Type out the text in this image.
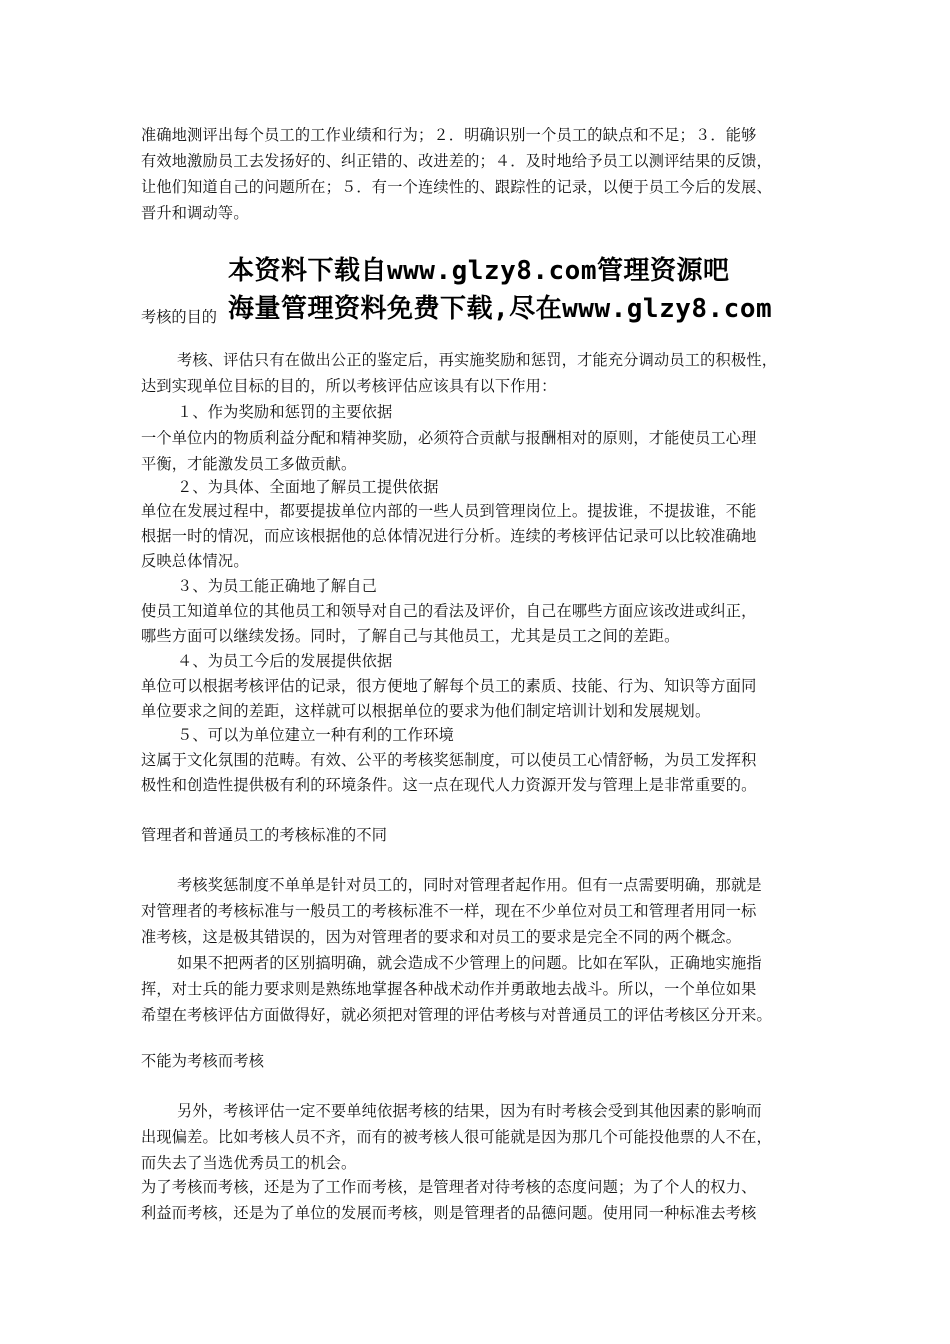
准确地测评出每个员工的工作业绩和行为；２．明确识别一个员工的缺点和不足；３．能够
有效地激励员工去发扬好的、纠正错的、改进差的；４．及时地给予员工以测评结果的反馈，
让他们知道自己的问题所在；５．有一个连续性的、跟踪性的记录，以便于员工今后的发展、
晋升和调动等。
本资料下载自www.glzy8.com管理资源吧
海量管理资料免费下载,尽在www.glzy8.com
考核的目的
考核、评估只有在做出公正的鉴定后，再实施奖励和惩罚，才能充分调动员工的积极性，
达到实现单位目标的目的，所以考核评估应该具有以下作用：
１、作为奖励和惩罚的主要依据
一个单位内的物质利益分配和精神奖励，必须符合贡献与报酬相对的原则，才能使员工心理
平衡，才能激发员工多做贡献。
２、为具体、全面地了解员工提供依据
单位在发展过程中，都要提拔单位内部的一些人员到管理岗位上。提拔谁，不提拔谁，不能
根据一时的情况，而应该根据他的总体情况进行分析。连续的考核评估记录可以比较准确地
反映总体情况。
３、为员工能正确地了解自己
使员工知道单位的其他员工和领导对自己的看法及评价，自己在哪些方面应该改进或纠正，
哪些方面可以继续发扬。同时，了解自己与其他员工，尤其是员工之间的差距。
４、为员工今后的发展提供依据
单位可以根据考核评估的记录，很方便地了解每个员工的素质、技能、行为、知识等方面同
单位要求之间的差距，这样就可以根据单位的要求为他们制定培训计划和发展规划。
５、可以为单位建立一种有利的工作环境
这属于文化氛围的范畴。有效、公平的考核奖惩制度，可以使员工心情舒畅，为员工发挥积
极性和创造性提供极有利的环境条件。这一点在现代人力资源开发与管理上是非常重要的。
管理者和普通员工的考核标准的不同
考核奖惩制度不单单是针对员工的，同时对管理者起作用。但有一点需要明确，那就是
对管理者的考核标准与一般员工的考核标准不一样，现在不少单位对员工和管理者用同一标
准考核，这是极其错误的，因为对管理者的要求和对员工的要求是完全不同的两个概念。
如果不把两者的区别搞明确，就会造成不少管理上的问题。比如在军队，正确地实施指
挥，对士兵的能力要求则是熟练地掌握各种战术动作并勇敢地去战斗。所以，一个单位如果
希望在考核评估方面做得好，就必须把对管理的评估考核与对普通员工的评估考核区分开来。
不能为考核而考核
另外，考核评估一定不要单纯依据考核的结果，因为有时考核会受到其他因素的影响而
出现偏差。比如考核人员不齐，而有的被考核人很可能就是因为那几个可能投他票的人不在，
而失去了当选优秀员工的机会。
为了考核而考核，还是为了工作而考核，是管理者对待考核的态度问题；为了个人的权力、
利益而考核，还是为了单位的发展而考核，则是管理者的品德问题。使用同一种标准去考核
